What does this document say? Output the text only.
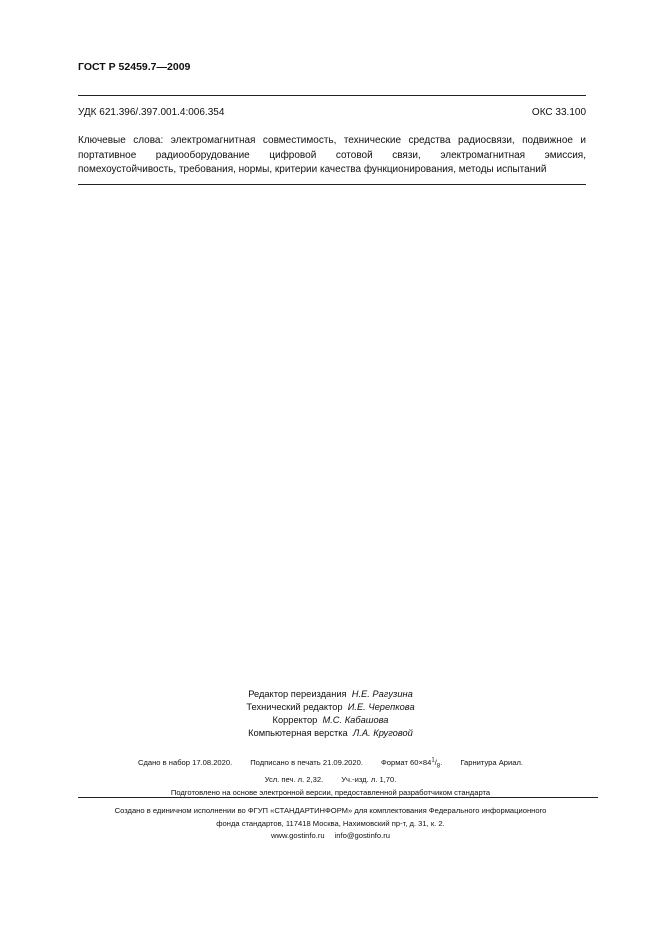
ГОСТ Р 52459.7—2009
УДК 621.396/.397.001.4:006.354	ОКС 33.100
Ключевые слова: электромагнитная совместимость, технические средства радиосвязи, подвижное и портативное радиооборудование цифровой сотовой связи, электромагнитная эмиссия, помехоустойчивость, требования, нормы, критерии качества функционирования, методы испытаний
Редактор переиздания Н.Е. Рагузина
Технический редактор И.Е. Черепкова
Корректор М.С. Кабашова
Компьютерная верстка Л.А. Круговой
Сдано в набор 17.08.2020. Подписано в печать 21.09.2020. Формат $60\times 84^1/_8$. Гарнитура Ариал.
Усл. печ. л. 2,32. Уч.-изд. л. 1,70.
Подготовлено на основе электронной версии, предоставленной разработчиком стандарта
Создано в единичном исполнении во ФГУП «СТАНДАРТИНФОРМ» для комплектования Федерального информационного
фонда стандартов, 117418 Москва, Нахимовский пр-т, д. 31, к. 2.
www.gostinfo.ru info@gostinfo.ru
